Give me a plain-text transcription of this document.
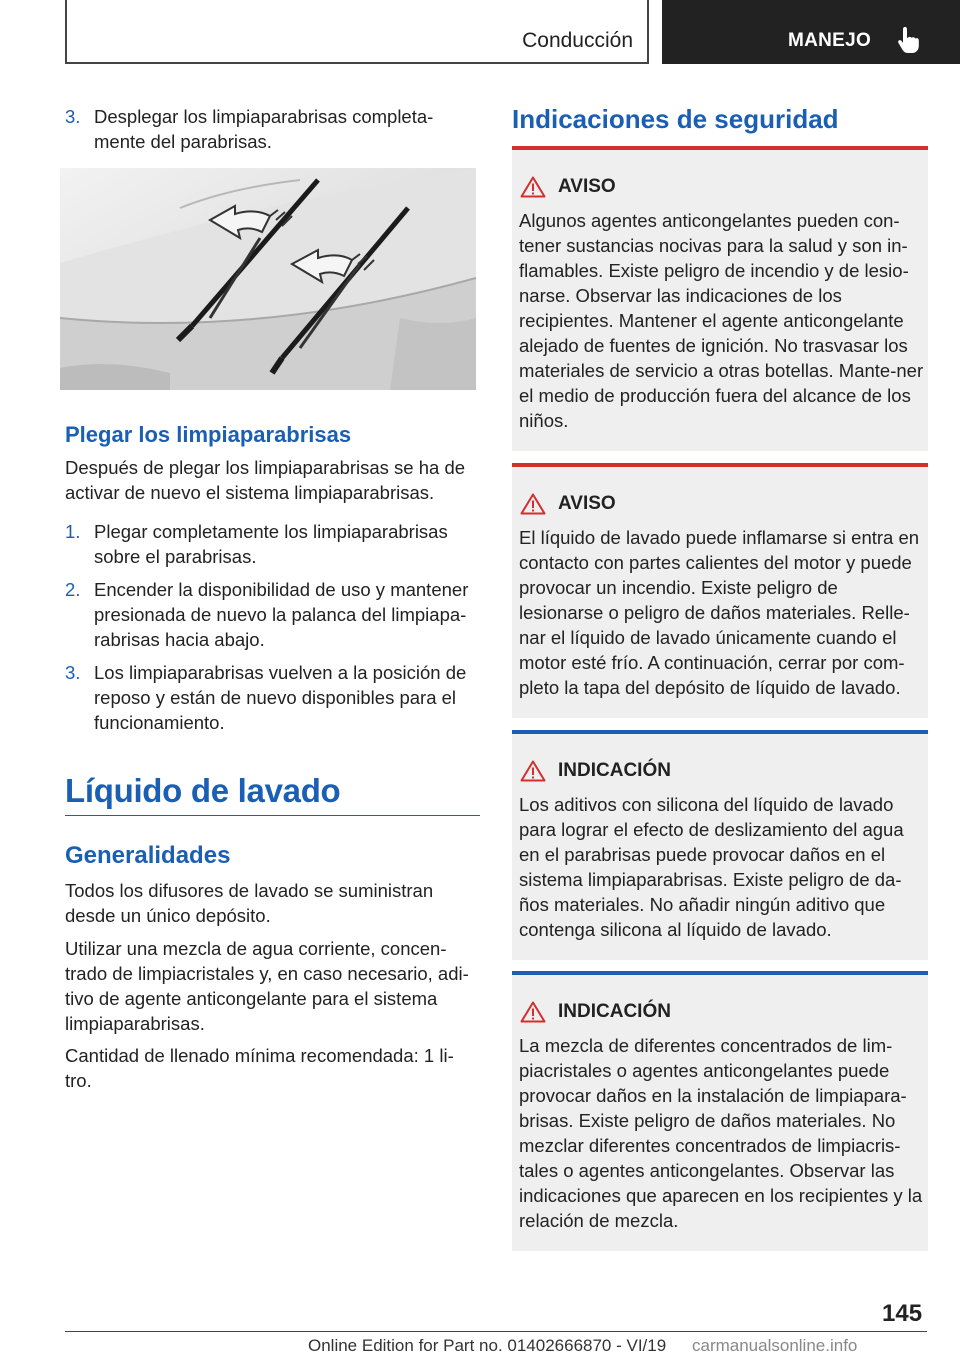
Conducción	MANEJO
3. Desplegar los limpiaparabrisas completa‐mente del parabrisas.
Plegar los limpiaparabrisas
Después de plegar los limpiaparabrisas se ha de activar de nuevo el sistema limpiaparabrisas.
1. Plegar completamente los limpiaparabrisas sobre el parabrisas.
2. Encender la disponibilidad de uso y mantener presionada de nuevo la palanca del limpiapa‐rabrisas hacia abajo.
3. Los limpiaparabrisas vuelven a la posición de reposo y están de nuevo disponibles para el funcionamiento.
Líquido de lavado
Generalidades
Todos los difusores de lavado se suministran desde un único depósito.
Utilizar una mezcla de agua corriente, concen‐trado de limpiacristales y, en caso necesario, adi‐tivo de agente anticongelante para el sistema limpiaparabrisas.
Cantidad de llenado mínima recomendada: 1 li‐tro.
Indicaciones de seguridad
AVISO
Algunos agentes anticongelantes pueden con‐tener sustancias nocivas para la salud y son in‐flamables. Existe peligro de incendio y de lesio‐narse. Observar las indicaciones de los recipientes. Mantener el agente anticongelante alejado de fuentes de ignición. No trasvasar los materiales de servicio a otras botellas. Mante‐ner el medio de producción fuera del alcance de los niños.
AVISO
El líquido de lavado puede inflamarse si entra en contacto con partes calientes del motor y puede provocar un incendio. Existe peligro de lesionarse o peligro de daños materiales. Relle‐nar el líquido de lavado únicamente cuando el motor esté frío. A continuación, cerrar por com‐pleto la tapa del depósito de líquido de lavado.
INDICACIÓN
Los aditivos con silicona del líquido de lavado para lograr el efecto de deslizamiento del agua en el parabrisas puede provocar daños en el sistema limpiaparabrisas. Existe peligro de da‐ños materiales. No añadir ningún aditivo que contenga silicona al líquido de lavado.
INDICACIÓN
La mezcla de diferentes concentrados de lim‐piacristales o agentes anticongelantes puede provocar daños en la instalación de limpiapara‐brisas. Existe peligro de daños materiales. No mezclar diferentes concentrados de limpiacris‐tales o agentes anticongelantes. Observar las indicaciones que aparecen en los recipientes y la relación de mezcla.
145
Online Edition for Part no. 01402666870 - VI/19 carmanualsonline.info
